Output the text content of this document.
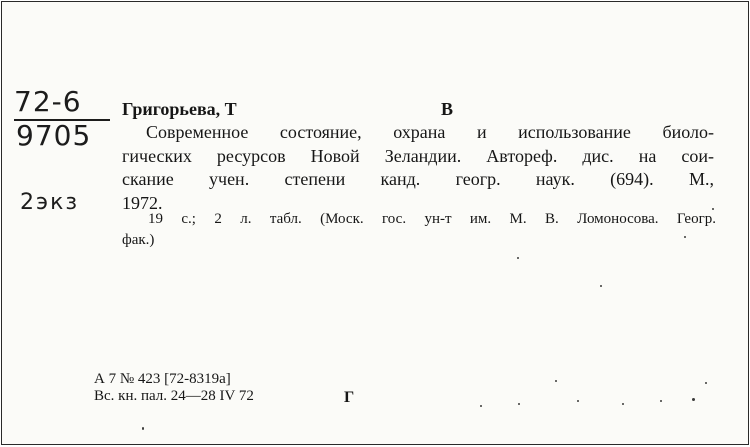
72-6
9705
2экз
Григорьева, Т	В

Современное состояние, охрана и использование биоло-
гических ресурсов Новой Зеландии. Автореф. дис. на сои-
скание учен. степени канд. геогр. наук. (694). М.,
1972.

19 с.; 2 л. табл. (Моск. гос. ун-т им. М. В. Ломоносова. Геогр.
фак.)

А 7 № 423 [72-8319а]
Вс. кн. пал. 24—28 IV 72	Г
